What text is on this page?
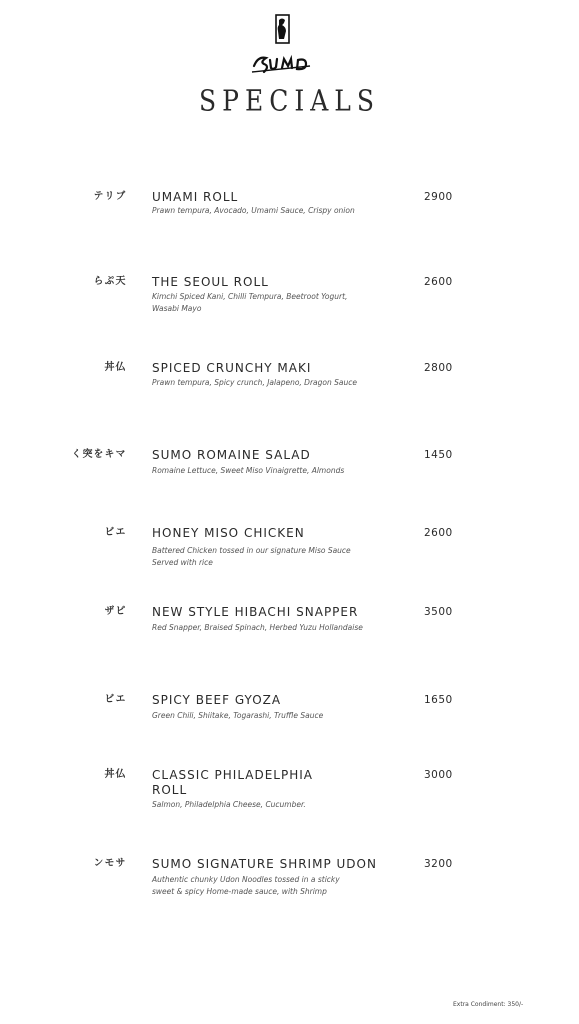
SPECIALS
ブリテ	UMAMI ROLL
Prawn tempura, Avocado, Umami Sauce, Crispy onion
2900
天ぷら	THE SEOUL ROLL
Kimchi Spiced Kani, Chilli Tempura, Beetroot Yogurt, Wasabi Mayo
2600
仏丼	SPICED CRUNCHY MAKI
Prawn tempura, Spicy crunch, Jalapeno, Dragon Sauce
2800
マキを突く	SUMO ROMAINE SALAD
Romaine Lettuce, Sweet Miso Vinaigrette, Almonds
1450
エビ	HONEY MISO CHICKEN
Battered Chicken tossed in our signature Miso Sauce Served with rice
2600
ピザ	NEW STYLE HIBACHI SNAPPER
Red Snapper, Braised Spinach, Herbed Yuzu Hollandaise
3500
エビ	SPICY BEEF GYOZA
Green Chili, Shiitake, Togarashi, Truffle Sauce
1650
仏丼	CLASSIC PHILADELPHIA ROLL
Salmon, Philadelphia Cheese, Cucumber.
3000
サモン	SUMO SIGNATURE SHRIMP UDON
Authentic chunky Udon Noodles tossed in a sticky sweet & spicy Home-made sauce, with Shrimp
3200
Extra Condiment: 350/-
